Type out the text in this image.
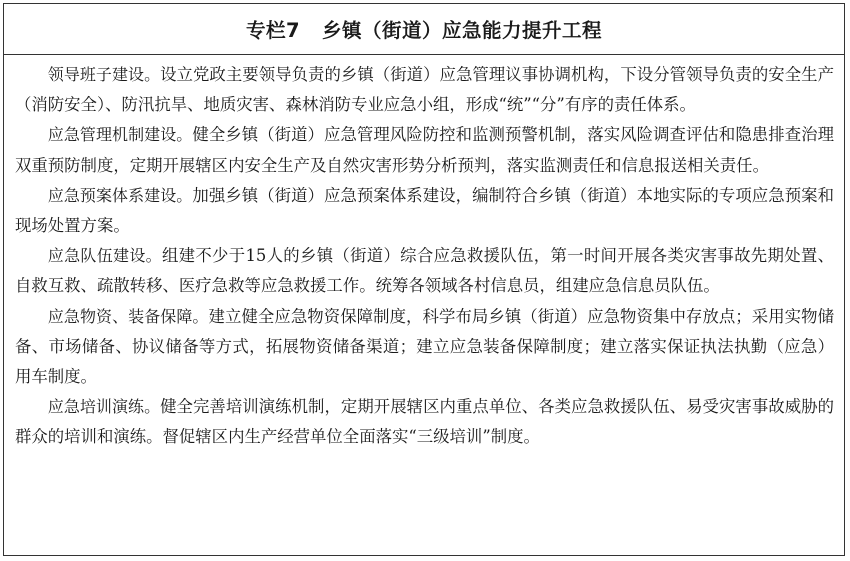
专栏7 乡镇（街道）应急能力提升工程

领导班子建设。设立党政主要领导负责的乡镇（街道）应急管理议事协调机构，下设分管领导负责的安全生产（消防安全）、防汛抗旱、地质灾害、森林消防专业应急小组，形成“统”“分”有序的责任体系。

应急管理机制建设。健全乡镇（街道）应急管理风险防控和监测预警机制，落实风险调查评估和隐患排查治理双重预防制度，定期开展辖区内安全生产及自然灾害形势分析预判，落实监测责任和信息报送相关责任。

应急预案体系建设。加强乡镇（街道）应急预案体系建设，编制符合乡镇（街道）本地实际的专项应急预案和现场处置方案。

应急队伍建设。组建不少于15人的乡镇（街道）综合应急救援队伍，第一时间开展各类灾害事故先期处置、自救互救、疏散转移、医疗急救等应急救援工作。统筹各领域各村信息员，组建应急信息员队伍。

应急物资、装备保障。建立健全应急物资保障制度，科学布局乡镇（街道）应急物资集中存放点；采用实物储备、市场储备、协议储备等方式，拓展物资储备渠道；建立应急装备保障制度；建立落实保证执法执勤（应急）用车制度。

应急培训演练。健全完善培训演练机制，定期开展辖区内重点单位、各类应急救援队伍、易受灾害事故威胁的群众的培训和演练。督促辖区内生产经营单位全面落实“三级培训”制度。
